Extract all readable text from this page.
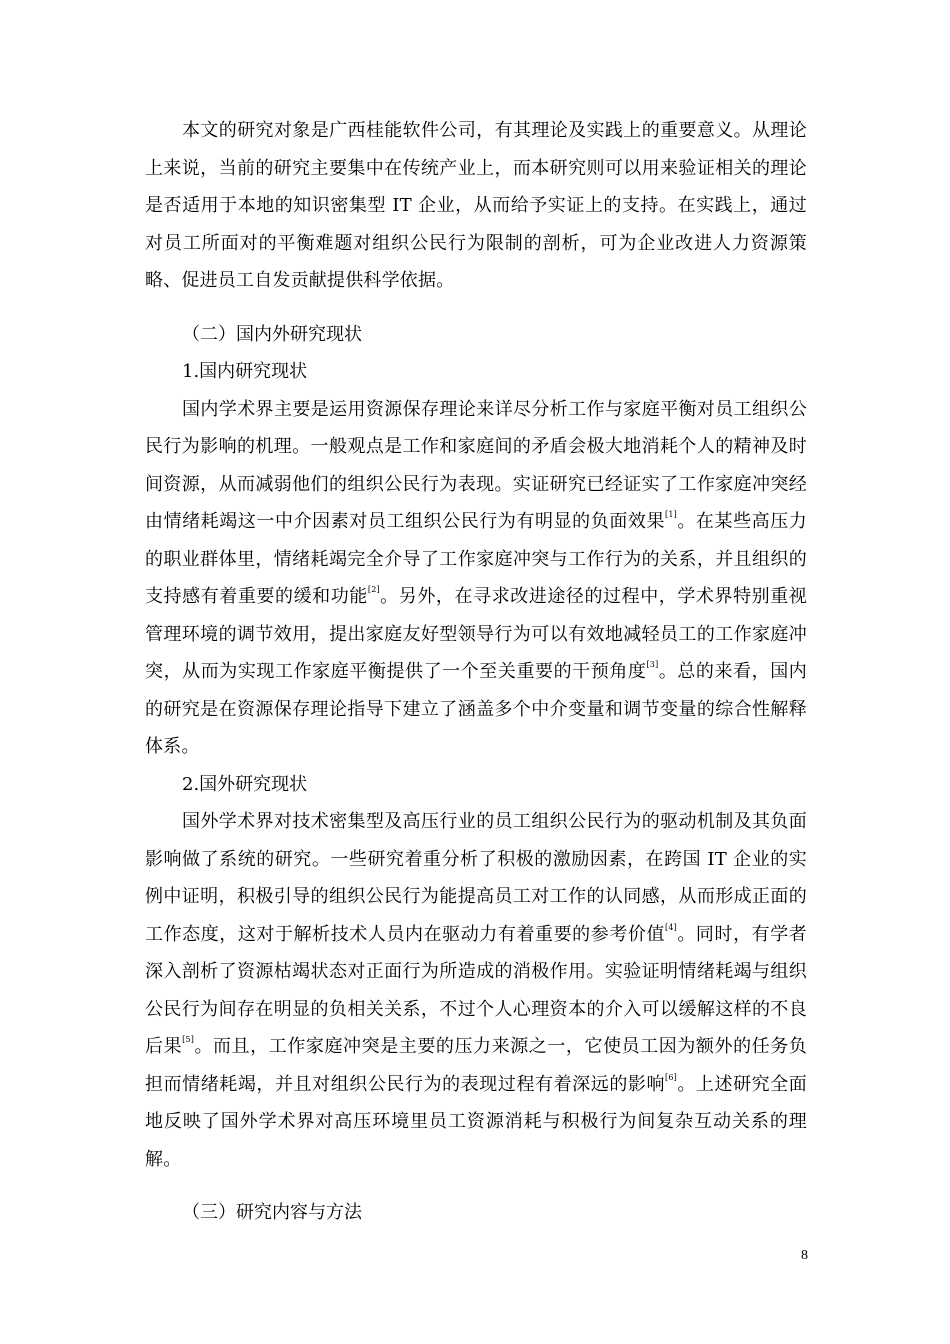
本文的研究对象是广西桂能软件公司，有其理论及实践上的重要意义。从理论上来说，当前的研究主要集中在传统产业上，而本研究则可以用来验证相关的理论是否适用于本地的知识密集型 IT 企业，从而给予实证上的支持。在实践上，通过对员工所面对的平衡难题对组织公民行为限制的剖析，可为企业改进人力资源策略、促进员工自发贡献提供科学依据。

（二）国内外研究现状

1.国内研究现状

国内学术界主要是运用资源保存理论来详尽分析工作与家庭平衡对员工组织公民行为影响的机理。一般观点是工作和家庭间的矛盾会极大地消耗个人的精神及时间资源，从而减弱他们的组织公民行为表现。实证研究已经证实了工作家庭冲突经由情绪耗竭这一中介因素对员工组织公民行为有明显的负面效果[1]。在某些高压力的职业群体里，情绪耗竭完全介导了工作家庭冲突与工作行为的关系，并且组织的支持感有着重要的缓和功能[2]。另外，在寻求改进途径的过程中，学术界特别重视管理环境的调节效用，提出家庭友好型领导行为可以有效地减轻员工的工作家庭冲突，从而为实现工作家庭平衡提供了一个至关重要的干预角度[3]。总的来看，国内的研究是在资源保存理论指导下建立了涵盖多个中介变量和调节变量的综合性解释体系。

2.国外研究现状

国外学术界对技术密集型及高压行业的员工组织公民行为的驱动机制及其负面影响做了系统的研究。一些研究着重分析了积极的激励因素，在跨国 IT 企业的实例中证明，积极引导的组织公民行为能提高员工对工作的认同感，从而形成正面的工作态度，这对于解析技术人员内在驱动力有着重要的参考价值[4]。同时，有学者深入剖析了资源枯竭状态对正面行为所造成的消极作用。实验证明情绪耗竭与组织公民行为间存在明显的负相关关系，不过个人心理资本的介入可以缓解这样的不良后果[5]。而且，工作家庭冲突是主要的压力来源之一，它使员工因为额外的任务负担而情绪耗竭，并且对组织公民行为的表现过程有着深远的影响[6]。上述研究全面地反映了国外学术界对高压环境里员工资源消耗与积极行为间复杂互动关系的理解。

（三）研究内容与方法

8
